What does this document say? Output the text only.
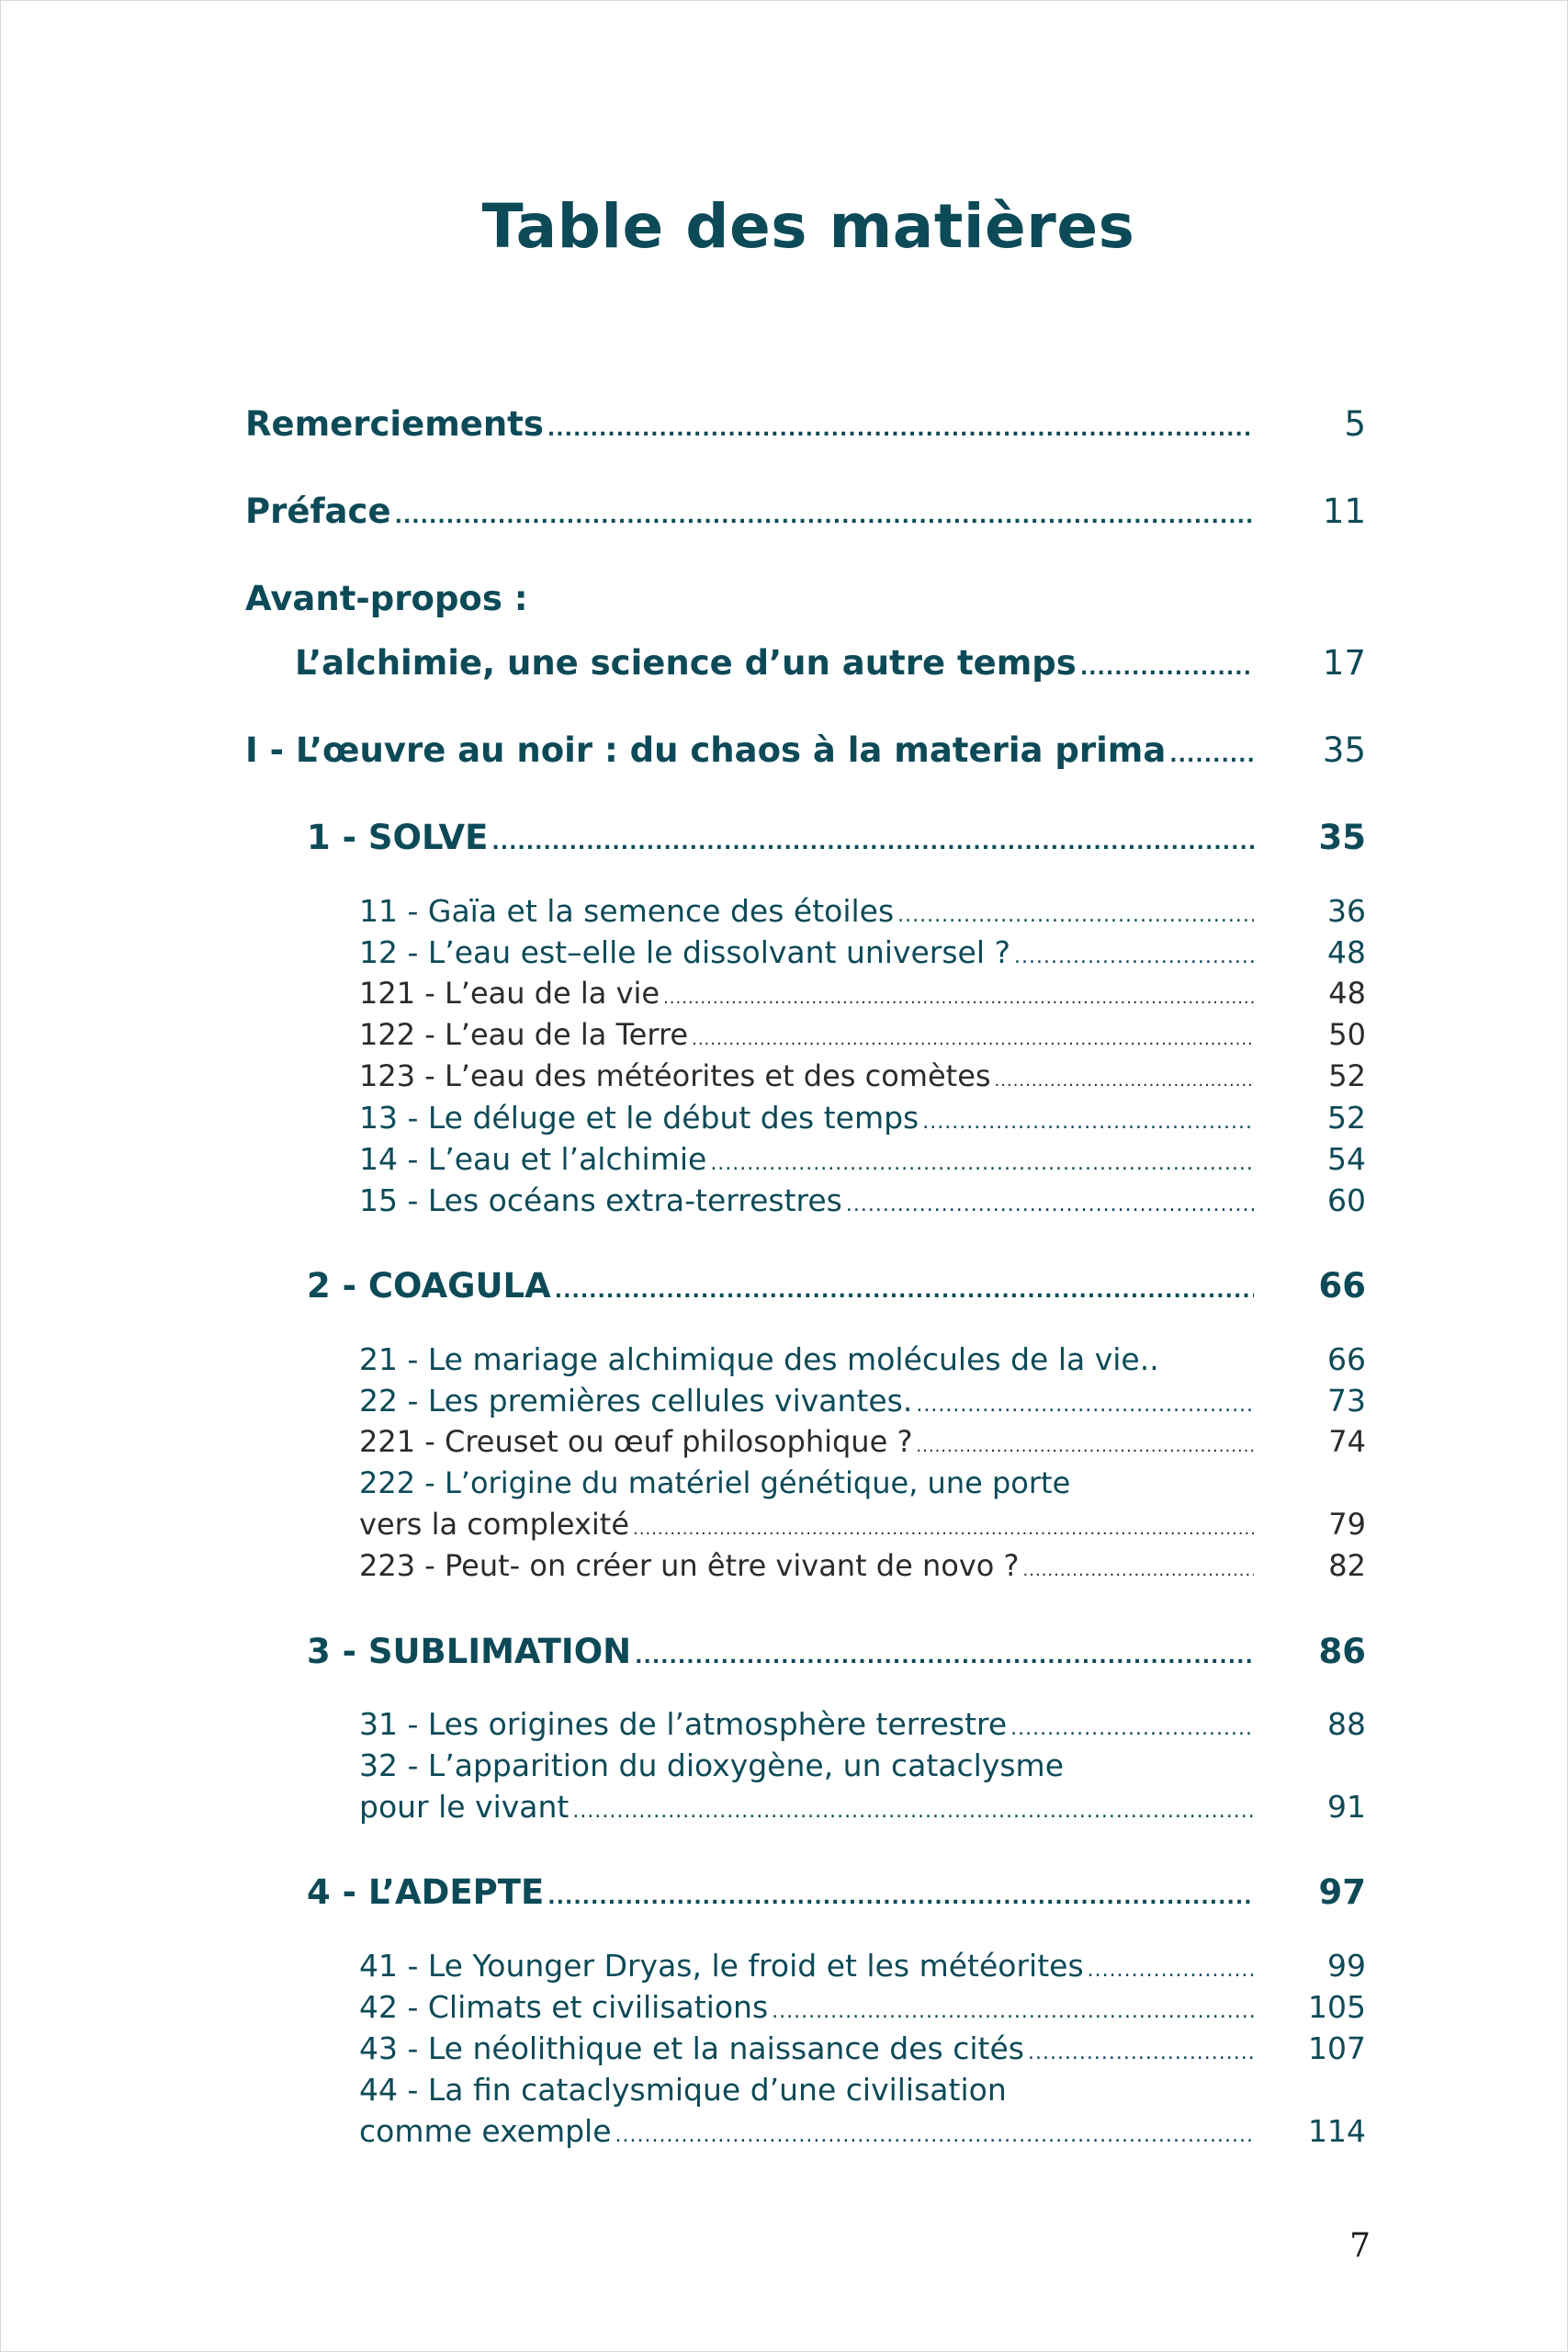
Table des matières
Remerciements .....	5
Préface .....	11
Avant-propos :
L’alchimie, une science d’un autre temps .....	17
I - L’œuvre au noir : du chaos à la materia prima .....	35
1 - SOLVE .....	35
11 - Gaïa et la semence des étoiles .....	36
12 - L’eau est–elle le dissolvant universel ? .....	48
121 - L’eau de la vie .....	48
122 - L’eau de la Terre .....	50
123 - L’eau des météorites et des comètes .....	52
13 - Le déluge et le début des temps .....	52
14 - L’eau et l’alchimie .....	54
15 - Les océans extra-terrestres .....	60
2 - COAGULA .....	66
21 - Le mariage alchimique des molécules de la vie..	66
22 - Les premières cellules vivantes. .....	73
221 - Creuset ou œuf philosophique ? .....	74
222 - L’origine du matériel génétique, une porte
vers la complexité .....	79
223 - Peut- on créer un être vivant de novo ? .....	82
3 - SUBLIMATION .....	86
31 - Les origines de l’atmosphère terrestre .....	88
32 - L’apparition du dioxygène, un cataclysme
pour le vivant .....	91
4 - L’ADEPTE .....	97
41 - Le Younger Dryas, le froid et les météorites .....	99
42 - Climats et civilisations .....	105
43 - Le néolithique et la naissance des cités .....	107
44 - La fin cataclysmique d’une civilisation
comme exemple .....	114
7
